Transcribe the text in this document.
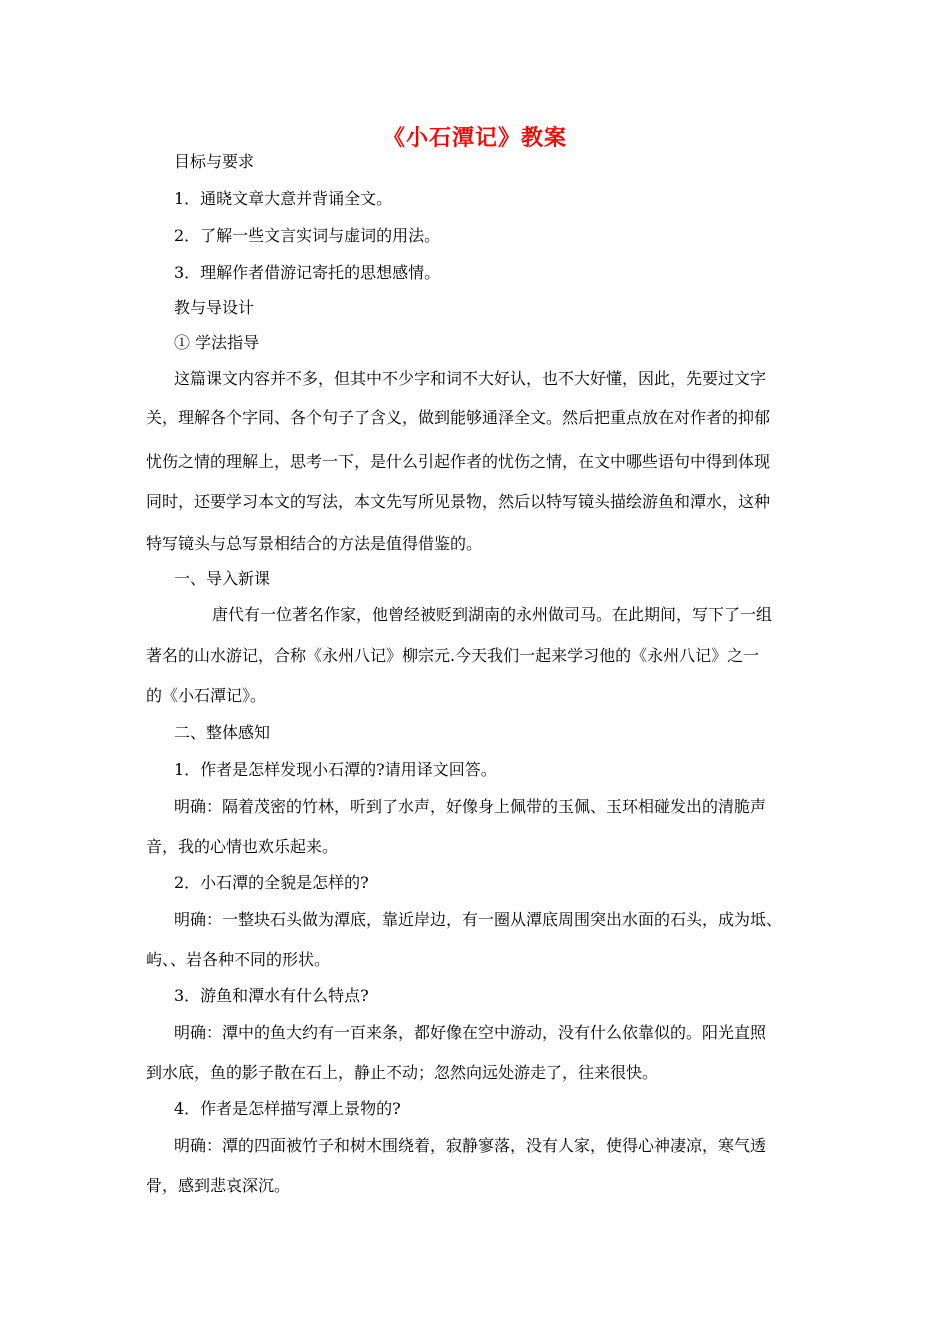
《小石潭记》教案
目标与要求
1．通晓文章大意并背诵全文。
2．了解一些文言实词与虚词的用法。
3．理解作者借游记寄托的思想感情。
教与导设计
① 学法指导
这篇课文内容并不多，但其中不少字和词不大好认，也不大好懂，因此，先要过文字
关，理解各个字同、各个句子了含义，做到能够通泽全文。然后把重点放在对作者的抑郁
忧伤之情的理解上，思考一下，是什么引起作者的忧伤之情，在文中哪些语句中得到体现
同时，还要学习本文的写法，本文先写所见景物，然后以特写镜头描绘游鱼和潭水，这种
特写镜头与总写景相结合的方法是值得借鉴的。
一、导入新课
唐代有一位著名作家，他曾经被贬到湖南的永州做司马。在此期间，写下了一组
著名的山水游记，合称《永州八记》柳宗元.今天我们一起来学习他的《永州八记》之一
的《小石潭记》。
二、整体感知
1．作者是怎样发现小石潭的?请用译文回答。
明确：隔着茂密的竹林，听到了水声，好像身上佩带的玉佩、玉环相碰发出的清脆声
音，我的心情也欢乐起来。
2．小石潭的全貌是怎样的?
明确：一整块石头做为潭底，靠近岸边，有一圈从潭底周围突出水面的石头，成为坻、
屿、、岩各种不同的形状。
3．游鱼和潭水有什么特点?
明确：潭中的鱼大约有一百来条，都好像在空中游动，没有什么依靠似的。阳光直照
到水底，鱼的影子散在石上，静止不动；忽然向远处游走了，往来很快。
4．作者是怎样描写潭上景物的?
明确：潭的四面被竹子和树木围绕着，寂静寥落，没有人家，使得心神凄凉，寒气透
骨，感到悲哀深沉。
